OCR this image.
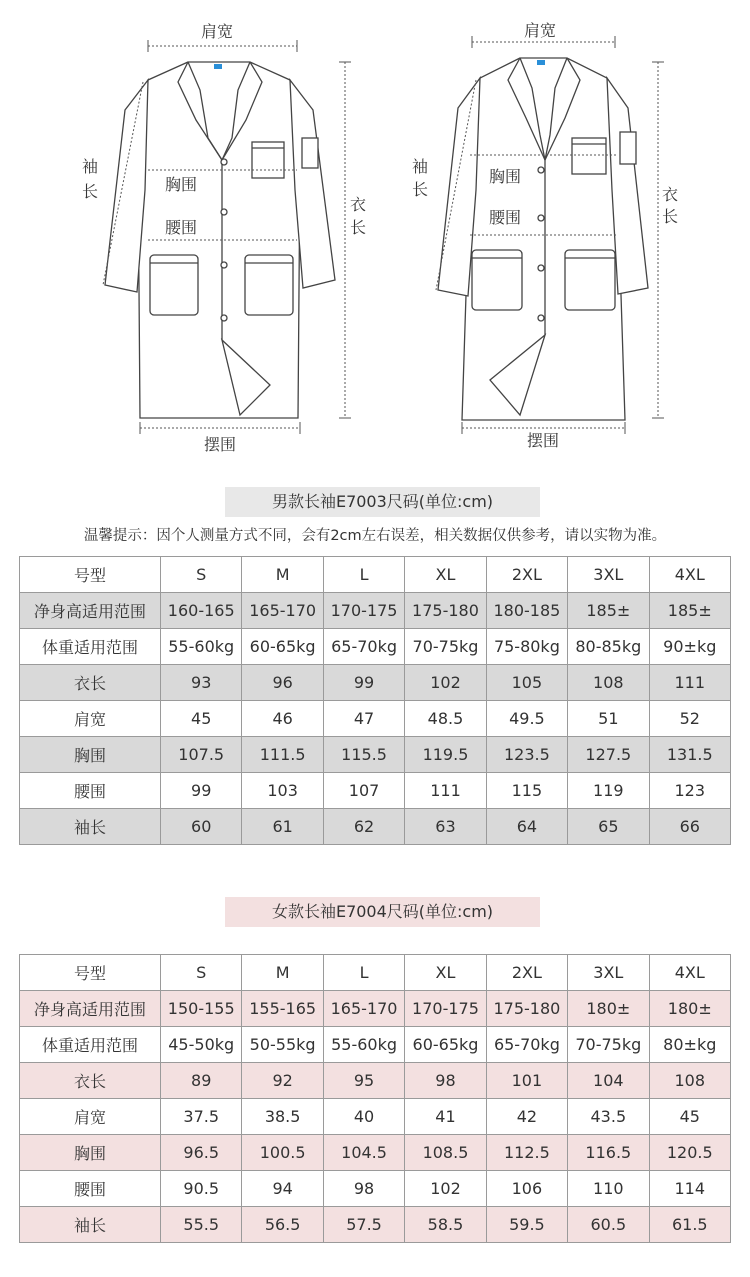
肩宽
袖
长	胸围
腰围
衣
长
摆围
肩宽
袖
长
胸围
腰围
衣
长
摆围
男款长袖E7003尺码(单位:cm)
温馨提示：因个人测量方式不同，会有2cm左右误差，相关数据仅供参考，请以实物为准。
号型	S	M	L	XL	2XL	3XL	4XL
净身高适用范围	160-165	165-170	170-175	175-180	180-185	185±	185±
体重适用范围	55-60kg	60-65kg	65-70kg	70-75kg	75-80kg	80-85kg	90±kg
衣长	93	96	99	102	105	108	111
肩宽	45	46	47	48.5	49.5	51	52
胸围	107.5	111.5	115.5	119.5	123.5	127.5	131.5
腰围	99	103	107	111	115	119	123
袖长	60	61	62	63	64	65	66
女款长袖E7004尺码(单位:cm)
号型	S	M	L	XL	2XL	3XL	4XL
净身高适用范围	150-155	155-165	165-170	170-175	175-180	180±	180±
体重适用范围	45-50kg	50-55kg	55-60kg	60-65kg	65-70kg	70-75kg	80±kg
衣长	89	92	95	98	101	104	108
肩宽	37.5	38.5	40	41	42	43.5	45
胸围	96.5	100.5	104.5	108.5	112.5	116.5	120.5
腰围	90.5	94	98	102	106	110	114
袖长	55.5	56.5	57.5	58.5	59.5	60.5	61.5
